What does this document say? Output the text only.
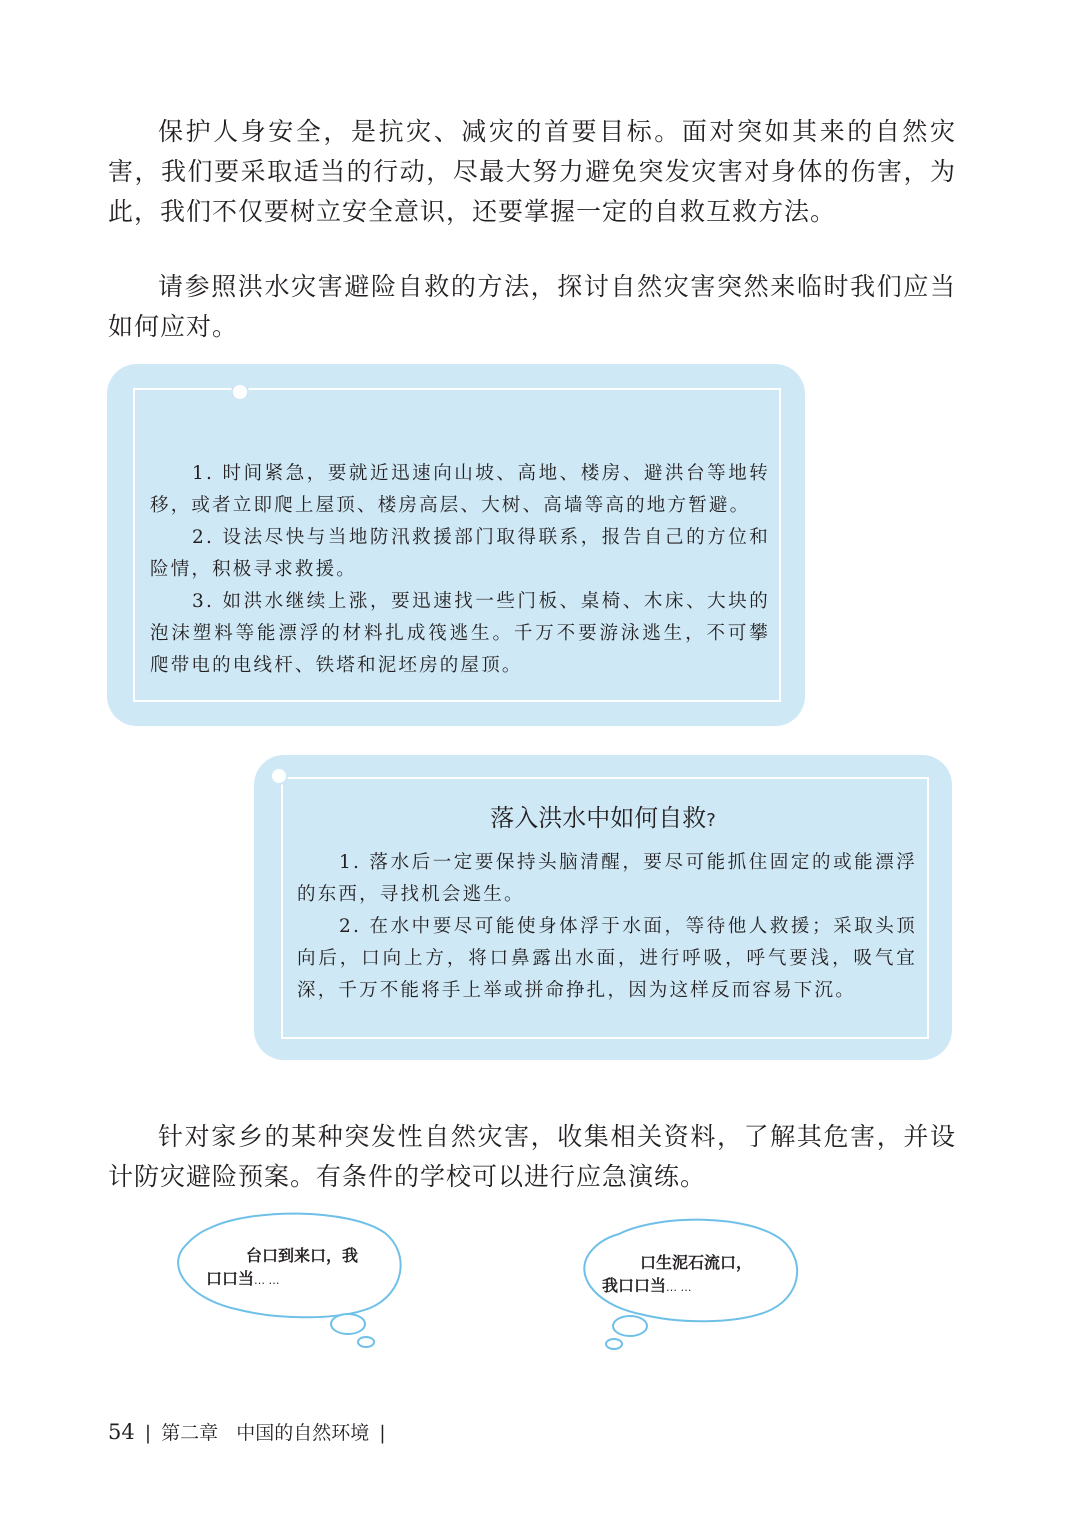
保护人身安全，是抗灾、减灾的首要目标。面对突如其来的自然灾害，我们要采取适当的行动，尽最大努力避免突发灾害对身体的伤害，为此，我们不仅要树立安全意识，还要掌握一定的自救互救方法。

请参照洪水灾害避险自救的方法，探讨自然灾害突然来临时我们应当如何应对。

1. 时间紧急，要就近迅速向山坡、高地、楼房、避洪台等地转移，或者立即爬上屋顶、楼房高层、大树、高墙等高的地方暂避。

2. 设法尽快与当地防汛救援部门取得联系，报告自己的方位和险情，积极寻求救援。

3. 如洪水继续上涨，要迅速找一些门板、桌椅、木床、大块的泡沫塑料等能漂浮的材料扎成筏逃生。千万不要游泳逃生，不可攀爬带电的电线杆、铁塔和泥坯房的屋顶。

落入洪水中如何自救?

1. 落水后一定要保持头脑清醒，要尽可能抓住固定的或能漂浮的东西，寻找机会逃生。

2. 在水中要尽可能使身体浮于水面，等待他人救援；采取头顶向后，口向上方，将口鼻露出水面，进行呼吸，呼气要浅，吸气宜深，千万不能将手上举或拼命挣扎，因为这样反而容易下沉。

针对家乡的某种突发性自然灾害，收集相关资料，了解其危害，并设计防灾避险预案。有条件的学校可以进行应急演练。

台口到来口，我
口口当… …
口生泥石流口，
我口口当… …
54 | 第二章 中国的自然环境 |
